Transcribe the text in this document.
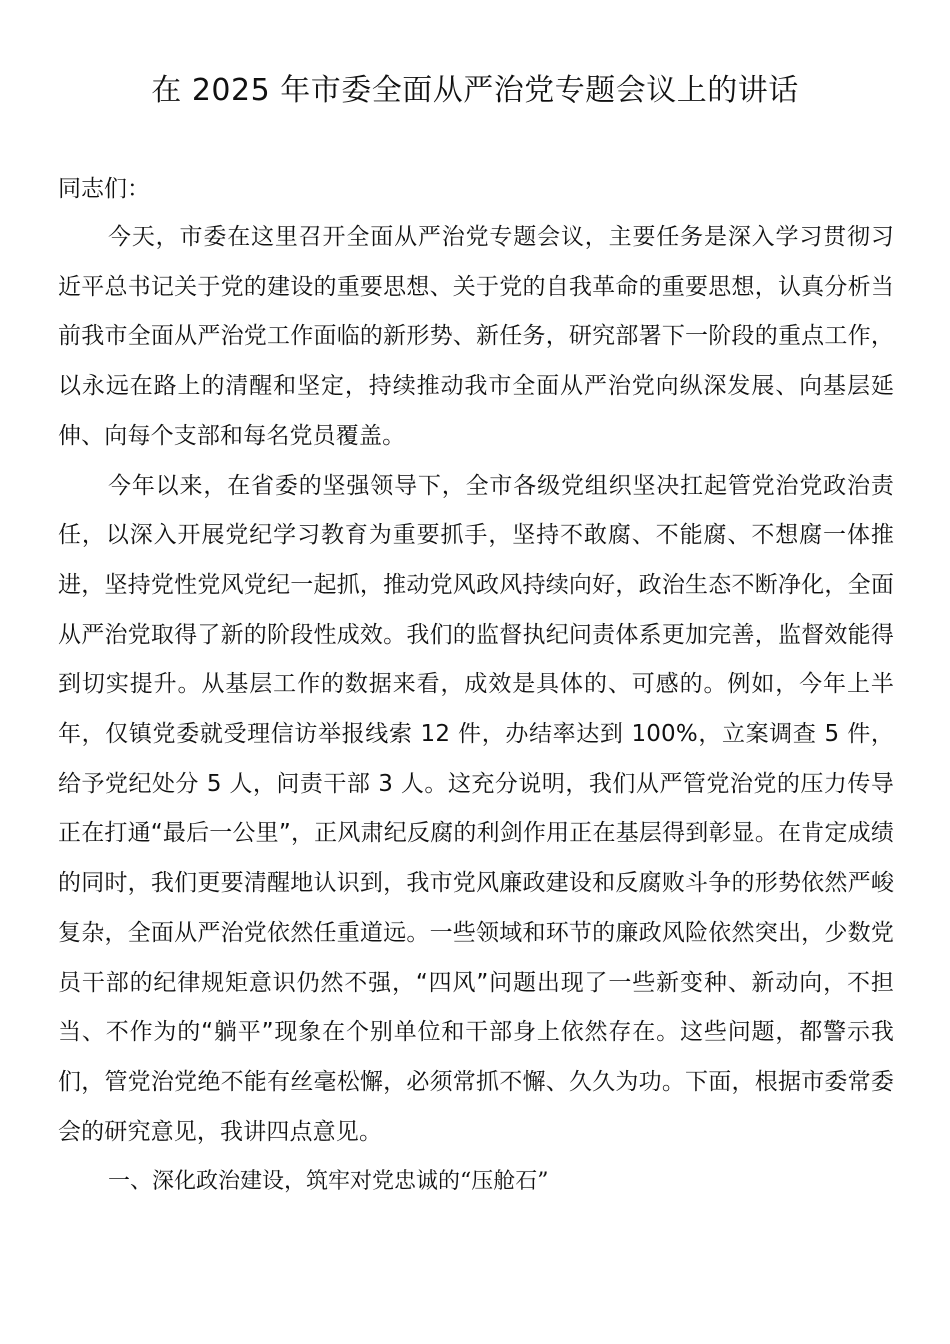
在 2025 年市委全面从严治党专题会议上的讲话

同志们：

今天，市委在这里召开全面从严治党专题会议，主要任务是深入学习贯彻习近平总书记关于党的建设的重要思想、关于党的自我革命的重要思想，认真分析当前我市全面从严治党工作面临的新形势、新任务，研究部署下一阶段的重点工作，以永远在路上的清醒和坚定，持续推动我市全面从严治党向纵深发展、向基层延伸、向每个支部和每名党员覆盖。

今年以来，在省委的坚强领导下，全市各级党组织坚决扛起管党治党政治责任，以深入开展党纪学习教育为重要抓手，坚持不敢腐、不能腐、不想腐一体推进，坚持党性党风党纪一起抓，推动党风政风持续向好，政治生态不断净化，全面从严治党取得了新的阶段性成效。我们的监督执纪问责体系更加完善，监督效能得到切实提升。从基层工作的数据来看，成效是具体的、可感的。例如，今年上半年，仅镇党委就受理信访举报线索 12 件，办结率达到 100%，立案调查 5 件，给予党纪处分 5 人，问责干部 3 人。这充分说明，我们从严管党治党的压力传导正在打通“最后一公里”，正风肃纪反腐的利剑作用正在基层得到彰显。在肯定成绩的同时，我们更要清醒地认识到，我市党风廉政建设和反腐败斗争的形势依然严峻复杂，全面从严治党依然任重道远。一些领域和环节的廉政风险依然突出，少数党员干部的纪律规矩意识仍然不强，“四风”问题出现了一些新变种、新动向，不担当、不作为的“躺平”现象在个别单位和干部身上依然存在。这些问题，都警示我们，管党治党绝不能有丝毫松懈，必须常抓不懈、久久为功。下面，根据市委常委会的研究意见，我讲四点意见。

一、深化政治建设，筑牢对党忠诚的“压舱石”
